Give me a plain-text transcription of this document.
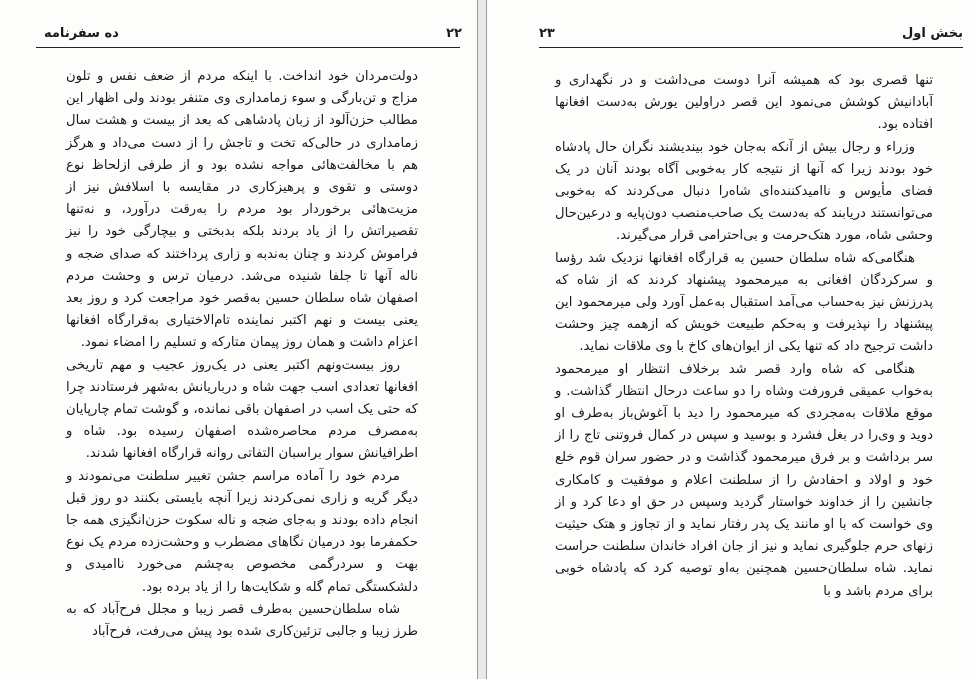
ده سفرنامه	۲۲

دولت‌مردان خود انداخت. با اینکه مردم از ضعف نفس و تلون مزاج و تن‌بارگی و سوء زمامداری وی متنفر بودند ولی اظهار این مطالب حزن‌آلود از زبان پادشاهی که بعد از بیست و هشت سال زمامداری در حالی‌که تخت و تاجش را از دست می‌داد و هرگز هم با مخالفت‌هائی مواجه نشده بود و از طرفی ازلحاظ نوع دوستی و تقوی و پرهیزکاری در مقایسه با اسلافش نیز از مزیت‌هائی برخوردار بود مردم را به‌رقت درآورد، و نه‌تنها تقصیراتش را از یاد بردند بلکه بدبختی و بیچارگی خود را نیز فراموش کردند و چنان به‌ندبه و زاری پرداختند که صدای ضجه و ناله آنها تا جلفا شنیده می‌شد. درمیان ترس و وحشت مردم اصفهان شاه سلطان حسین به‌قصر خود مراجعت کرد و روز بعد یعنی بیست و نهم اکتبر نماینده تام‌الاختیاری به‌قرارگاه افغانها اعزام داشت و همان روز پیمان متارکه و تسلیم را امضاء نمود.

روز بیست‌ونهم اکتبر یعنی در یک‌روز عجیب و مهم تاریخی افغانها تعدادی اسب جهت شاه و درباریانش به‌شهر فرستادند چرا که حتی یک اسب در اصفهان باقی نمانده، و گوشت تمام چارپایان به‌مصرف مردم محاصره‌شده اصفهان رسیده بود. شاه و اطرافیانش سوار براسبان التفاتی روانه قرارگاه افغانها شدند.

مردم خود را آماده مراسم جشن تغییر سلطنت می‌نمودند و دیگر گریه و زاری نمی‌کردند زیرا آنچه بایستی بکنند دو روز قبل انجام داده بودند و به‌جای ضجه و ناله سکوت حزن‌انگیزی همه جا حکمفرما بود درمیان نگاهای مضطرب و وحشت‌زده مردم یک نوع بهت و سردرگمی مخصوص به‌چشم می‌خورد نا‌امیدی و دلشکستگی تمام گله و شکایت‌ها را از یاد برده بود.

شاه سلطان‌حسین به‌طرف قصر زیبا و مجلل فرح‌آباد که به طرز زیبا و جالبی تزئین‌کاری شده بود پیش می‌رفت، فرح‌آباد

بخش اول
۲۳

تنها قصری بود که همیشه آنرا دوست می‌داشت و در نگهداری و آبادانیش کوشش می‌نمود این قصر دراولین یورش به‌دست افغانها افتاده بود.

وزراء و رجال بیش از آنکه به‌جان خود بیندیشند نگران حال پادشاه خود بودند زیرا که آنها از نتیجه کار به‌خوبی آگاه بودند آنان در یک فضای مأیوس و ناامیدکننده‌ای شاه‌را دنبال می‌کردند که به‌خوبی می‌توانستند دریابند که به‌دست یک صاحب‌منصب دون‌پایه و درعین‌حال وحشی شاه، مورد هتک‌حرمت و بی‌احترامی قرار می‌گیرند.

هنگامی‌که شاه سلطان حسین به قرارگاه افغانها نزدیک شد رؤسا و سرکردگان افغانی به میرمحمود پیشنهاد کردند که از شاه که پدرزنش نیز به‌حساب می‌آمد استقبال به‌عمل آورد ولی میرمحمود این پیشنهاد را نپذیرفت و به‌حکم طبیعت خویش که ازهمه چیز وحشت داشت ترجیح داد که تنها یکی از ایوان‌های کاخ با وی ملاقات نماید.

هنگامی که شاه وارد قصر شد برخلاف انتظار او میرمحمود به‌خواب عمیقی فرورفت وشاه را دو ساعت درحال انتظار گذاشت. و موقع ملاقات به‌مجردی که میرمحمود را دید با آغوش‌باز به‌طرف او دوید و وی‌را در بغل فشرد و بوسید و سپس در کمال فروتنی تاج را از سر برداشت و بر فرق میرمحمود گذاشت و در حضور سران قوم خلع خود و اولاد و احفادش را از سلطنت اعلام و موفقیت و کامکاری جانشین را از خداوند خواستار گردید وسپس در حق او دعا کرد و از وی خواست که با او مانند یک پدر رفتار نماید و از تجاوز و هتک حیثیت زنهای حرم جلوگیری نماید و نیز از جان افراد خاندان سلطنت حراست نماید. شاه سلطان‌حسین همچنین به‌او توصیه کرد که پادشاه خوبی برای مردم باشد و با
